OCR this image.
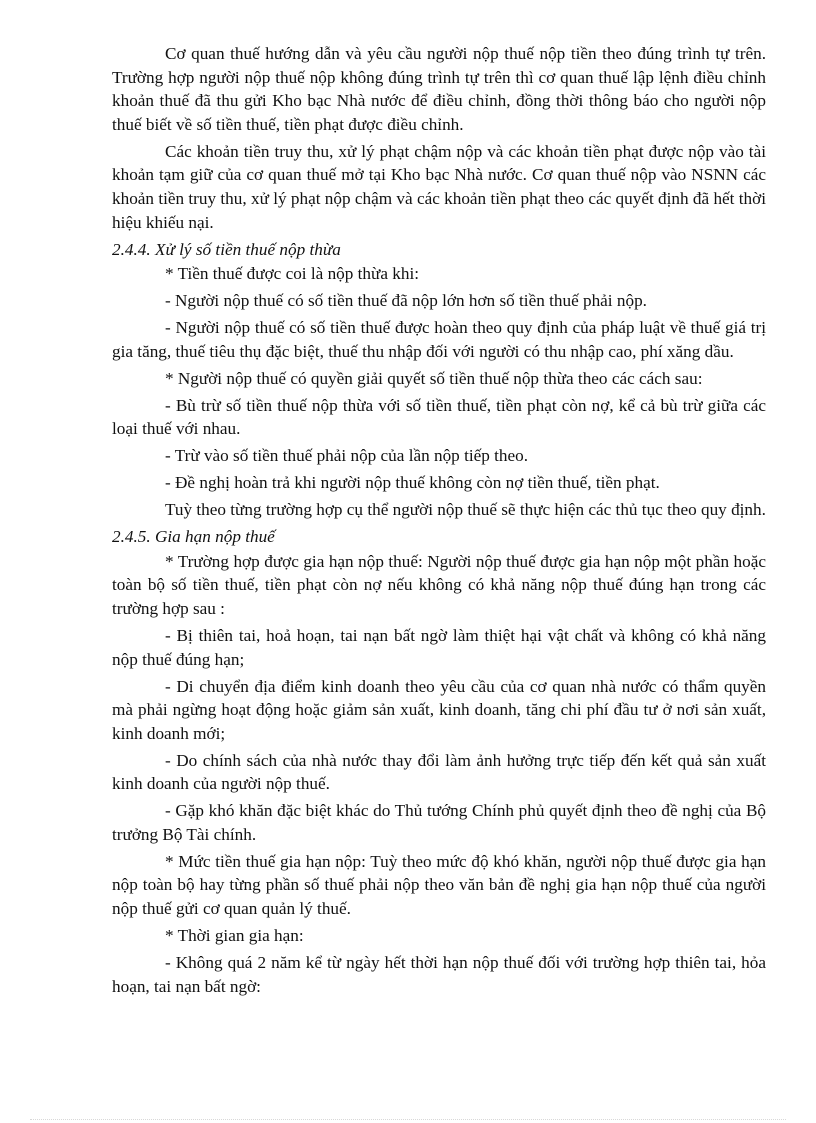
Cơ quan thuế hướng dẫn và yêu cầu người nộp thuế nộp tiền theo đúng trình tự trên. Trường hợp người nộp thuế nộp không đúng trình tự trên thì cơ quan thuế lập lệnh điều chỉnh khoản thuế đã thu gửi Kho bạc Nhà nước để điều chỉnh, đồng thời thông báo cho người nộp thuế biết về số tiền thuế, tiền phạt được điều chỉnh.

Các khoản tiền truy thu, xử lý phạt chậm nộp và các khoản tiền phạt được nộp vào tài khoản tạm giữ của cơ quan thuế mở tại Kho bạc Nhà nước. Cơ quan thuế nộp vào NSNN các khoản tiền truy thu, xử lý phạt nộp chậm và các khoản tiền phạt theo các quyết định đã hết thời hiệu khiếu nại.

2.4.4. Xử lý số tiền thuế nộp thừa

* Tiền thuế được coi là nộp thừa khi:

- Người nộp thuế có số tiền thuế đã nộp lớn hơn số tiền thuế phải nộp.

- Người nộp thuế có số tiền thuế được hoàn theo quy định của pháp luật về thuế giá trị gia tăng, thuế tiêu thụ đặc biệt, thuế thu nhập đối với người có thu nhập cao, phí xăng dầu.

* Người nộp thuế có quyền giải quyết số tiền thuế nộp thừa theo các cách sau:

- Bù trừ số tiền thuế nộp thừa với số tiền thuế, tiền phạt còn nợ, kể cả bù trừ giữa các loại thuế với nhau.

- Trừ vào số tiền thuế phải nộp của lần nộp tiếp theo.

- Đề nghị hoàn trả khi người nộp thuế không còn nợ tiền thuế, tiền phạt.

Tuỳ theo từng trường hợp cụ thể người nộp thuế sẽ thực hiện các thủ tục theo quy định.

2.4.5. Gia hạn nộp thuế

* Trường hợp được gia hạn nộp thuế: Người nộp thuế được gia hạn nộp một phần hoặc toàn bộ số tiền thuế, tiền phạt còn nợ nếu không có khả năng nộp thuế đúng hạn trong các trường hợp sau :

- Bị thiên tai, hoả hoạn, tai nạn bất ngờ làm thiệt hại vật chất và không có khả năng nộp thuế đúng hạn;

- Di chuyển địa điểm kinh doanh theo yêu cầu của cơ quan nhà nước có thẩm quyền mà phải ngừng hoạt động hoặc giảm sản xuất, kinh doanh, tăng chi phí đầu tư ở nơi sản xuất, kinh doanh mới;

- Do chính sách của nhà nước thay đổi làm ảnh hưởng trực tiếp đến kết quả sản xuất kinh doanh của người nộp thuế.

- Gặp khó khăn đặc biệt khác do Thủ tướng Chính phủ quyết định theo đề nghị của Bộ trưởng Bộ Tài chính.

* Mức tiền thuế gia hạn nộp: Tuỳ theo mức độ khó khăn, người nộp thuế được gia hạn nộp toàn bộ hay từng phần số thuế phải nộp theo văn bản đề nghị gia hạn nộp thuế của người nộp thuế gửi cơ quan quản lý thuế.

* Thời gian gia hạn:

- Không quá 2 năm kể từ ngày hết thời hạn nộp thuế đối với trường hợp thiên tai, hỏa hoạn, tai nạn bất ngờ:
